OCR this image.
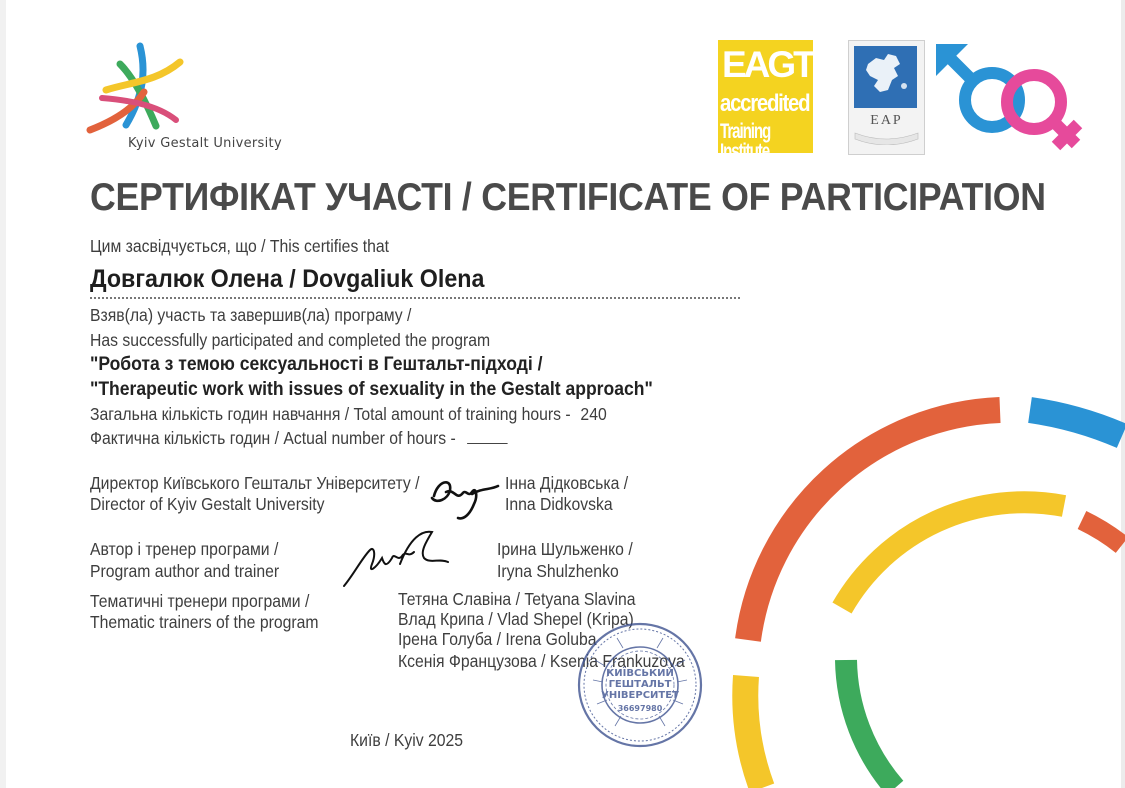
Kyiv Gestalt University
EAGT
accredited
Training Institute
EAP
СЕРТИФІКАТ УЧАСТІ / CERTIFICATE OF PARTICIPATION
Цим засвідчується, що / This certifies that
Довгалюк Олена / Dovgaliuk Olena
Взяв(ла) участь та завершив(ла) програму /
Has successfully participated and completed the program
"Робота з темою сексуальності в Гештальт-підході /
"Therapeutic work with issues of sexuality in the Gestalt approach"
Загальна кількість годин навчання / Total amount of training hours - 240
Фактична кількість годин / Actual number of hours -
Директор Київського Гештальт Університету /
Director of Kyiv Gestalt University
Інна Дідковська /
Inna Didkovska
Автор і тренер програми /
Program author and trainer
Ірина Шульженко /
Iryna Shulzhenko
Тематичні тренери програми /
Thematic trainers of the program
Тетяна Славіна / Tetyana Slavina
Влад Крипа / Vlad Shepel (Kripa)
Ірена Голуба / Irena Goluba
Ксенія Французова / Ksenia Frankuzova
КИЇВСЬКИЙ
ГЕШТАЛЬТ
УНІВЕРСИТЕТ
36697980
Київ / Kyiv 2025
